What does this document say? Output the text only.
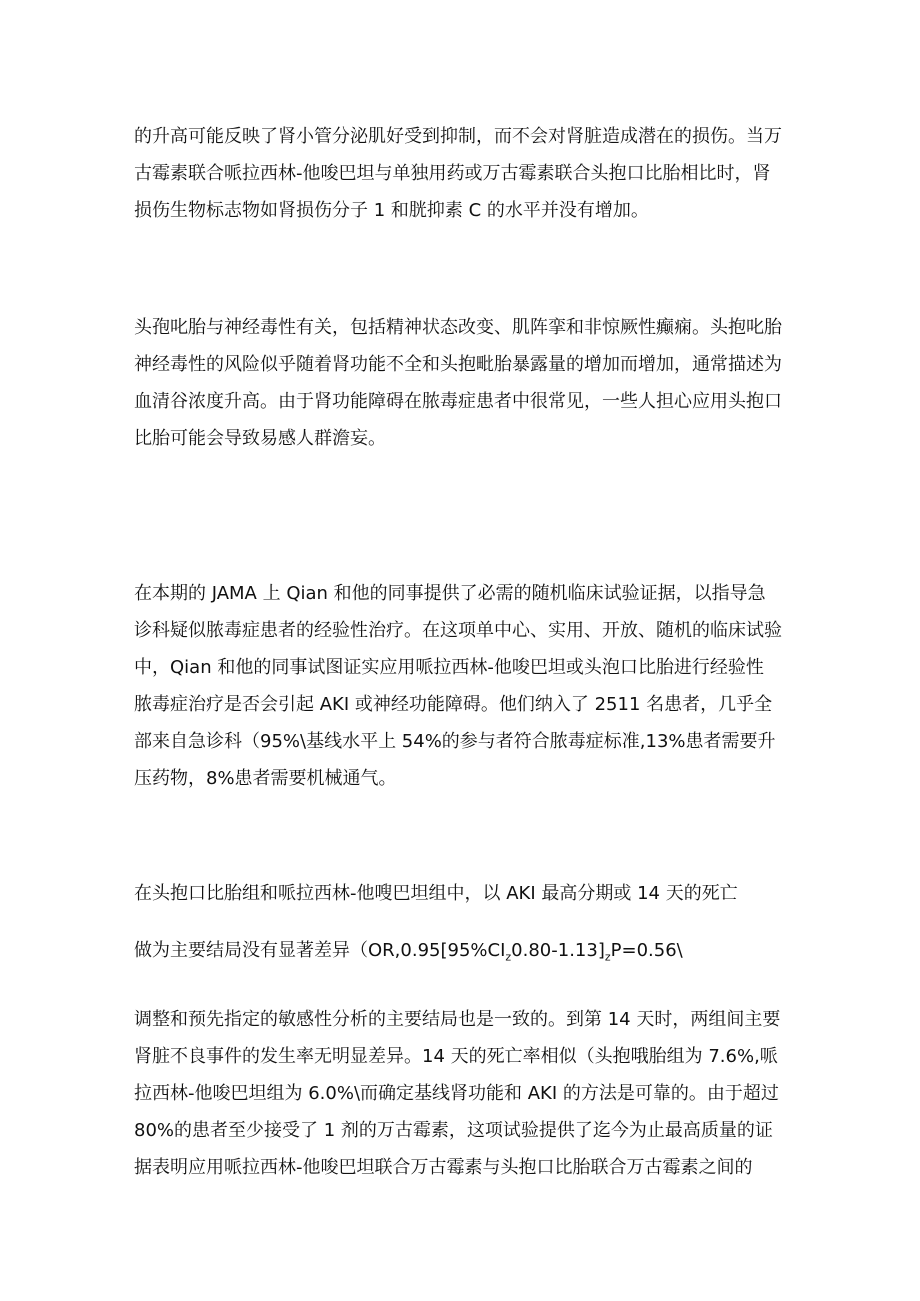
的升高可能反映了肾小管分泌肌好受到抑制，而不会对肾脏造成潜在的损伤。当万
古霉素联合哌拉西林-他唆巴坦与单独用药或万古霉素联合头抱口比胎相比时，肾
损伤生物标志物如肾损伤分子 1 和胱抑素 C 的水平并没有增加。

头孢叱胎与神经毒性有关，包括精神状态改变、肌阵挛和非惊厥性癫痫。头抱叱胎
神经毒性的风险似乎随着肾功能不全和头抱毗胎暴露量的增加而增加，通常描述为
血清谷浓度升高。由于肾功能障碍在脓毒症患者中很常见，一些人担心应用头抱口
比胎可能会导致易感人群澹妄。

在本期的 JAMA 上 Qian 和他的同事提供了必需的随机临床试验证据，以指导急
诊科疑似脓毒症患者的经验性治疗。在这项单中心、实用、开放、随机的临床试验
中，Qian 和他的同事试图证实应用哌拉西林-他唆巴坦或头泡口比胎进行经验性
脓毒症治疗是否会引起 AKI 或神经功能障碍。他们纳入了 2511 名患者，几乎全
部来自急诊科（95%\基线水平上 54%的参与者符合脓毒症标准,13%患者需要升
压药物，8%患者需要机械通气。

在头抱口比胎组和哌拉西林-他嗖巴坦组中，以 AKI 最高分期或 14 天的死亡

做为主要结局没有显著差异（$OR,0.95[95\%CI_z0.80-1.13]_zP=0.56\backslash$

调整和预先指定的敏感性分析的主要结局也是一致的。到第 14 天时，两组间主要
肾脏不良事件的发生率无明显差异。14 天的死亡率相似（头抱哦胎组为 7.6%,哌
拉西林-他唆巴坦组为 6.0%\而确定基线肾功能和 AKI 的方法是可靠的。由于超过
80%的患者至少接受了 1 剂的万古霉素，这项试验提供了迄今为止最高质量的证
据表明应用哌拉西林-他唆巴坦联合万古霉素与头抱口比胎联合万古霉素之间的
